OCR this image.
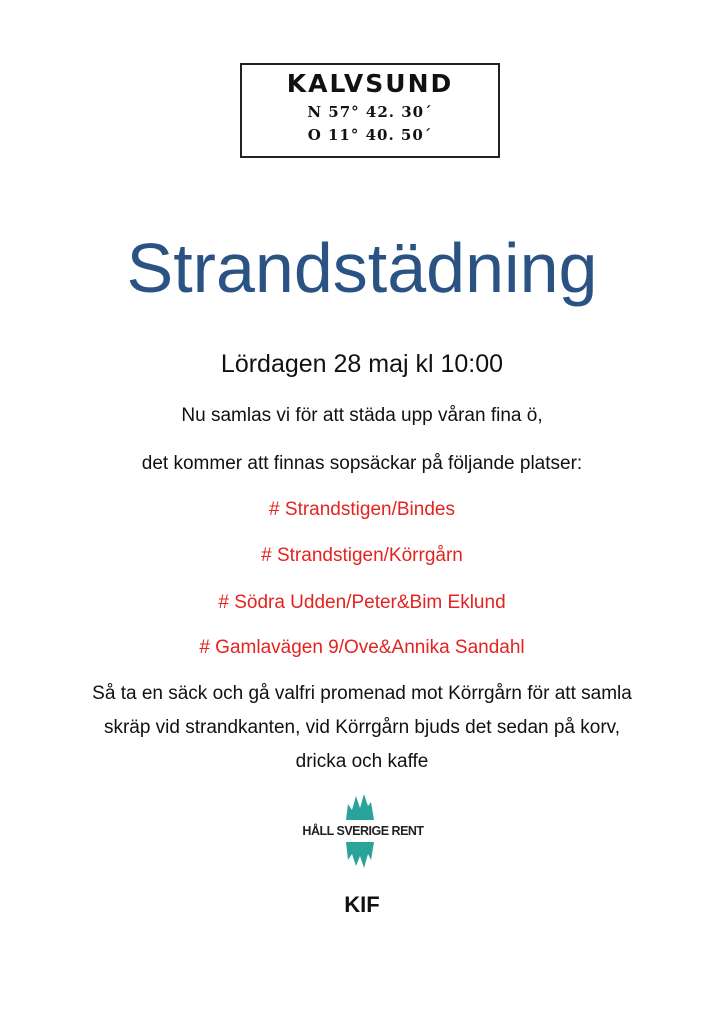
KALVSUND
N 57° 42. 30´
O 11° 40. 50´
Strandstädning
Lördagen 28 maj kl 10:00
Nu samlas vi för att städa upp våran fina ö,
det kommer att finnas sopsäckar på följande platser:
# Strandstigen/Bindes
# Strandstigen/Körrgårn
# Södra Udden/Peter&Bim Eklund
# Gamlavägen 9/Ove&Annika Sandahl
Så ta en säck och gå valfri promenad mot Körrgårn för att samla
skräp vid strandkanten, vid Körrgårn bjuds det sedan på korv,
dricka och kaffe
HÅLL SVERIGE RENT
KIF
